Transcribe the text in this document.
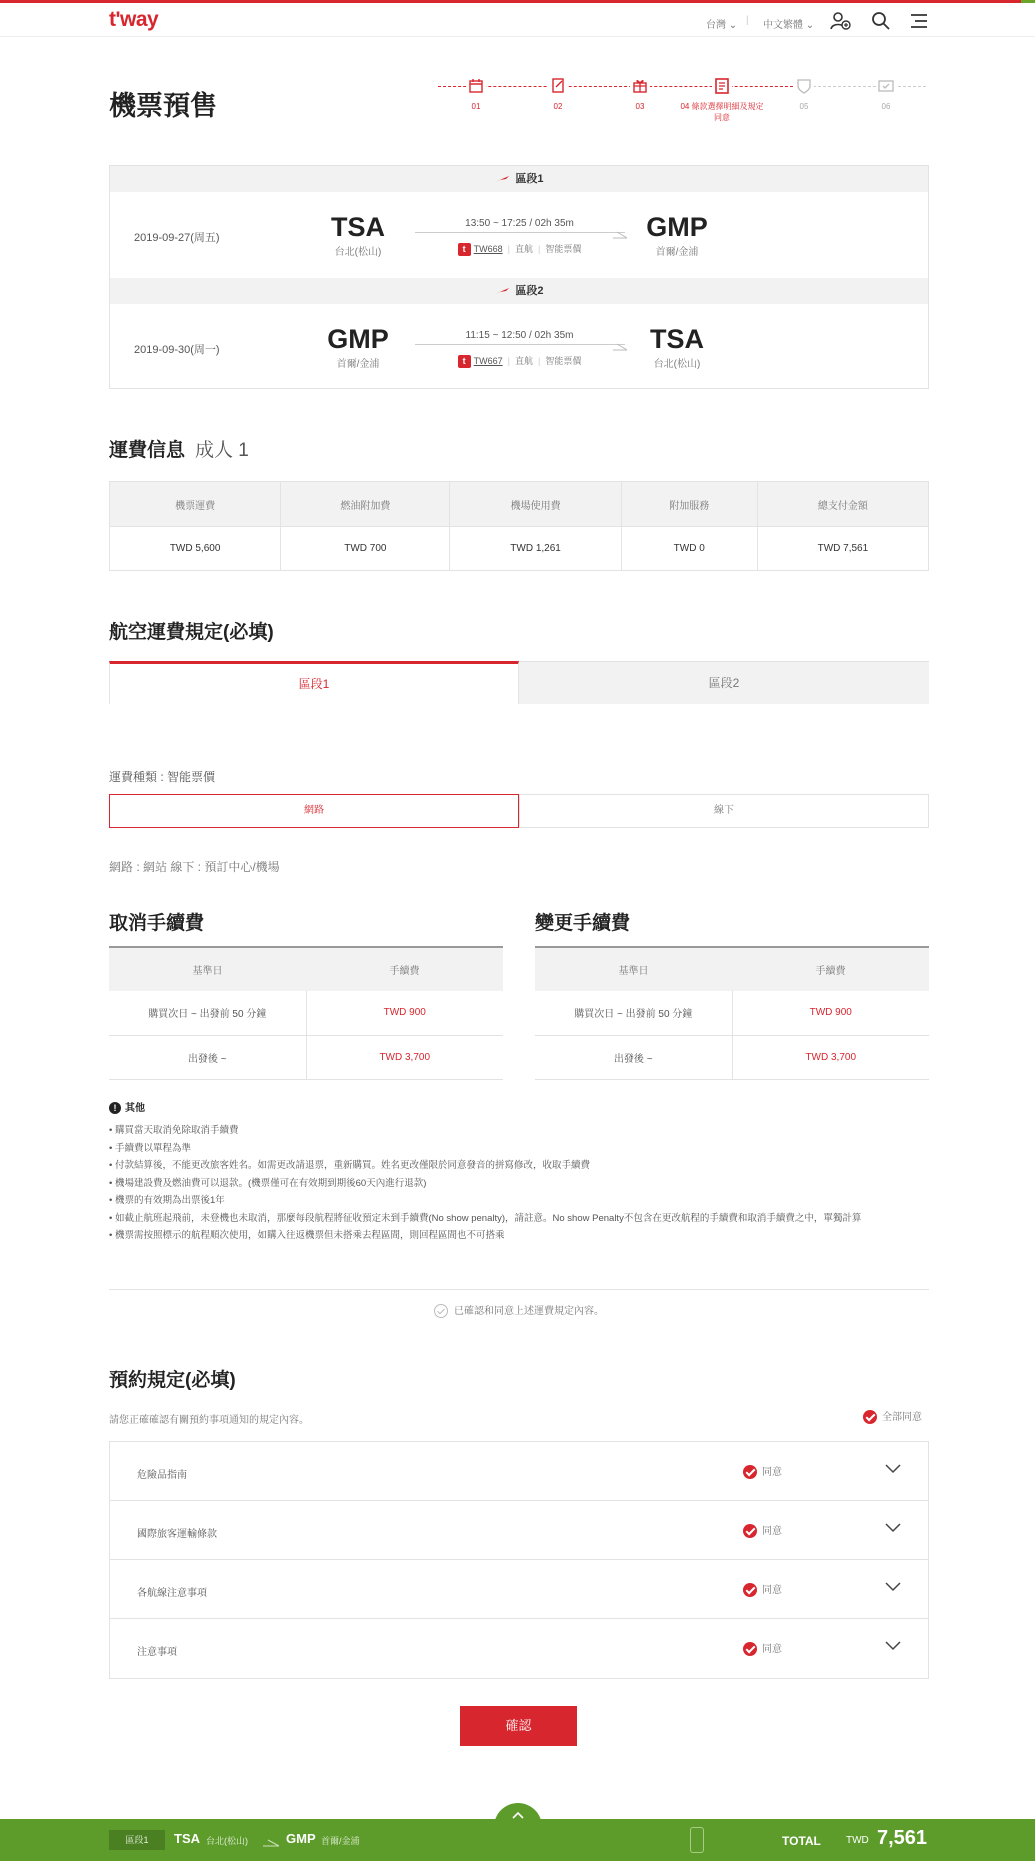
t'way	台灣 ⌄ | 中文繁體 ⌄
機票預售	01	02	03	04 條款選擇明細及規定同意
05	06
區段1
2019-09-27(周五)	TSA
台北(松山)
13:50 ~ 17:25 / 02h 35m
t TW668 | 直航 | 智能票價
GMP
首爾/金浦
區段2
2019-09-30(周一)	GMP
首爾/金浦
11:15 ~ 12:50 / 02h 35m
t TW667 | 直航 | 智能票價
TSA
台北(松山)
運費信息 成人 1
機票運費	燃油附加費	機場使用費	附加服務	總支付金額
TWD 5,600	TWD 700	TWD 1,261	TWD 0	TWD 7,561
航空運費規定(必填)
區段1	區段2
運費種類 : 智能票價
網路	線下
網路 : 網站 線下 : 預訂中心/機場
取消手續費
基準日	手續費
購買次日 ~ 出發前 50 分鐘	TWD 900
出發後 ~	TWD 3,700
變更手續費
基準日	手續費
購買次日 ~ 出發前 50 分鐘	TWD 900
出發後 ~	TWD 3,700
! 其他
• 購買當天取消免除取消手續費
• 手續費以單程為準
• 付款結算後，不能更改旅客姓名。如需更改請退票，重新購買。姓名更改僅限於同意發音的拼寫修改，收取手續費
• 機場建設費及燃油費可以退款。(機票僅可在有效期到期後60天內進行退款)
• 機票的有效期為出票後1年
• 如截止航班起飛前，未登機也未取消，那麼每段航程將征收預定未到手續費(No show penalty)，請註意。No show Penalty不包含在更改航程的手續費和取消手續費之中，單獨計算
• 機票需按照標示的航程順次使用，如購入往返機票但未搭乘去程區間，則回程區間也不可搭乘
已確認和同意上述運費規定內容。
預約規定(必填)
請您正確確認有關預約事項通知的規定內容。	全部同意
危險品指南	同意
國際旅客運輸條款	同意
各航線注意事項	同意
注意事項	同意
確認
區段1	TSA 台北(松山)	GMP 首爾/金浦	TOTAL	TWD 7,561
